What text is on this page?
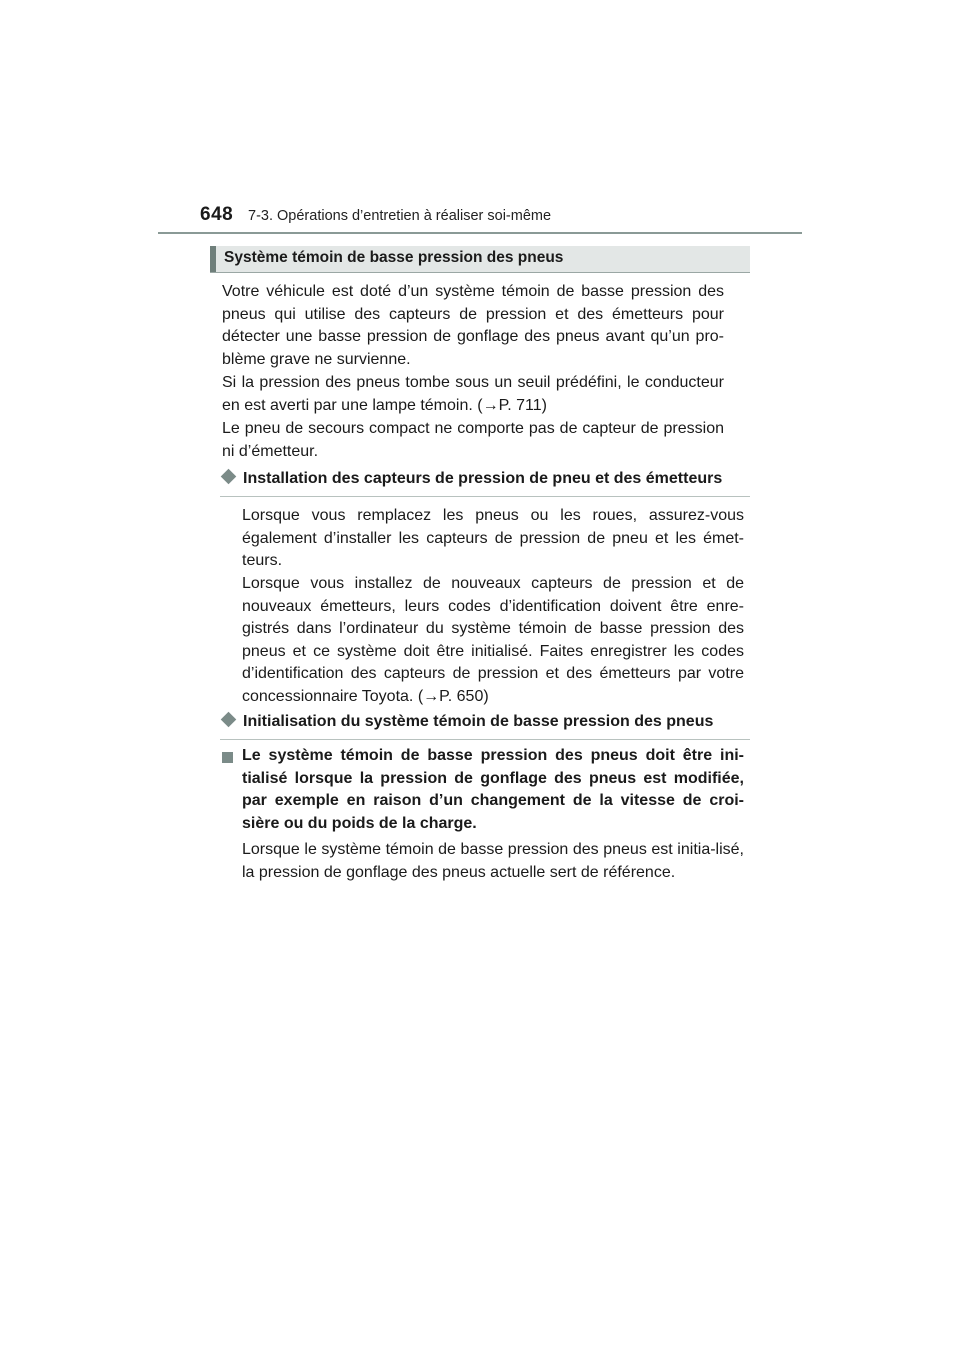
648 7-3. Opérations d’entretien à réaliser soi-même
Système témoin de basse pression des pneus

Votre véhicule est doté d’un système témoin de basse pression des pneus qui utilise des capteurs de pression et des émetteurs pour détecter une basse pression de gonflage des pneus avant qu’un pro-blème grave ne survienne.

Si la pression des pneus tombe sous un seuil prédéfini, le conducteur en est averti par une lampe témoin. (→P. 711)

Le pneu de secours compact ne comporte pas de capteur de pression ni d’émetteur.

Installation des capteurs de pression de pneu et des émetteurs

Lorsque vous remplacez les pneus ou les roues, assurez-vous également d’installer les capteurs de pression de pneu et les émet-teurs.

Lorsque vous installez de nouveaux capteurs de pression et de nouveaux émetteurs, leurs codes d’identification doivent être enre-gistrés dans l’ordinateur du système témoin de basse pression des pneus et ce système doit être initialisé. Faites enregistrer les codes d’identification des capteurs de pression et des émetteurs par votre concessionnaire Toyota. (→P. 650)

Initialisation du système témoin de basse pression des pneus

Le système témoin de basse pression des pneus doit être ini-tialisé lorsque la pression de gonflage des pneus est modifiée, par exemple en raison d’un changement de la vitesse de croi-sière ou du poids de la charge.

Lorsque le système témoin de basse pression des pneus est initia-lisé, la pression de gonflage des pneus actuelle sert de référence.
